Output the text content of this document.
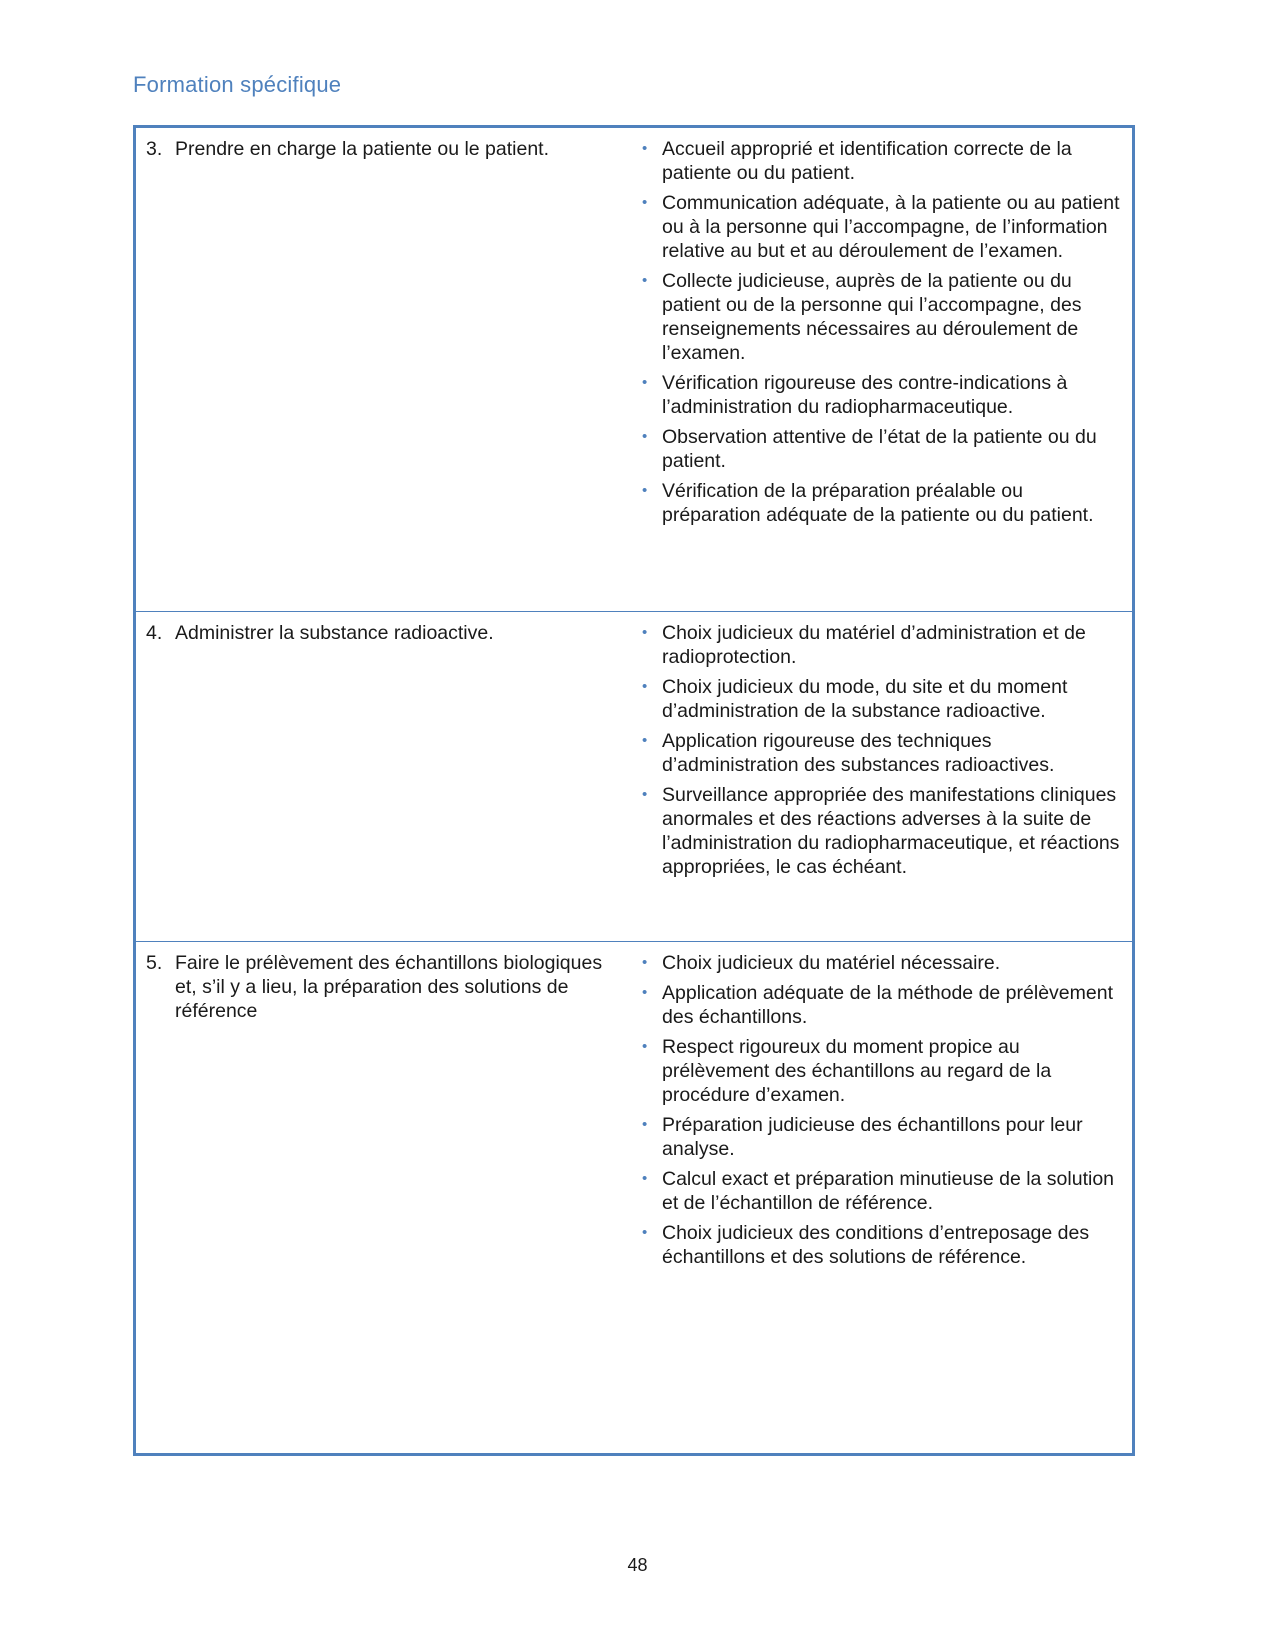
Formation spécifique
3. Prendre en charge la patiente ou le patient.	• Accueil approprié et identification correcte de la patiente ou du patient.
• Communication adéquate, à la patiente ou au patient ou à la personne qui l’accompagne, de l’information relative au but et au déroulement de l’examen.
• Collecte judicieuse, auprès de la patiente ou du patient ou de la personne qui l’accompagne, des renseignements nécessaires au déroulement de l’examen.
• Vérification rigoureuse des contre-indications à l’administration du radiopharmaceutique.
• Observation attentive de l’état de la patiente ou du patient.
• Vérification de la préparation préalable ou préparation adéquate de la patiente ou du patient.
4. Administrer la substance radioactive.	• Choix judicieux du matériel d’administration et de radioprotection.
• Choix judicieux du mode, du site et du moment d’administration de la substance radioactive.
• Application rigoureuse des techniques d’administration des substances radioactives.
• Surveillance appropriée des manifestations cliniques anormales et des réactions adverses à la suite de l’administration du radiopharmaceutique, et réactions appropriées, le cas échéant.
5. Faire le prélèvement des échantillons biologiques et, s’il y a lieu, la préparation des solutions de référence
• Choix judicieux du matériel nécessaire.
• Application adéquate de la méthode de prélèvement des échantillons.
• Respect rigoureux du moment propice au prélèvement des échantillons au regard de la procédure d’examen.
• Préparation judicieuse des échantillons pour leur analyse.
• Calcul exact et préparation minutieuse de la solution et de l’échantillon de référence.
• Choix judicieux des conditions d’entreposage des échantillons et des solutions de référence.
48
